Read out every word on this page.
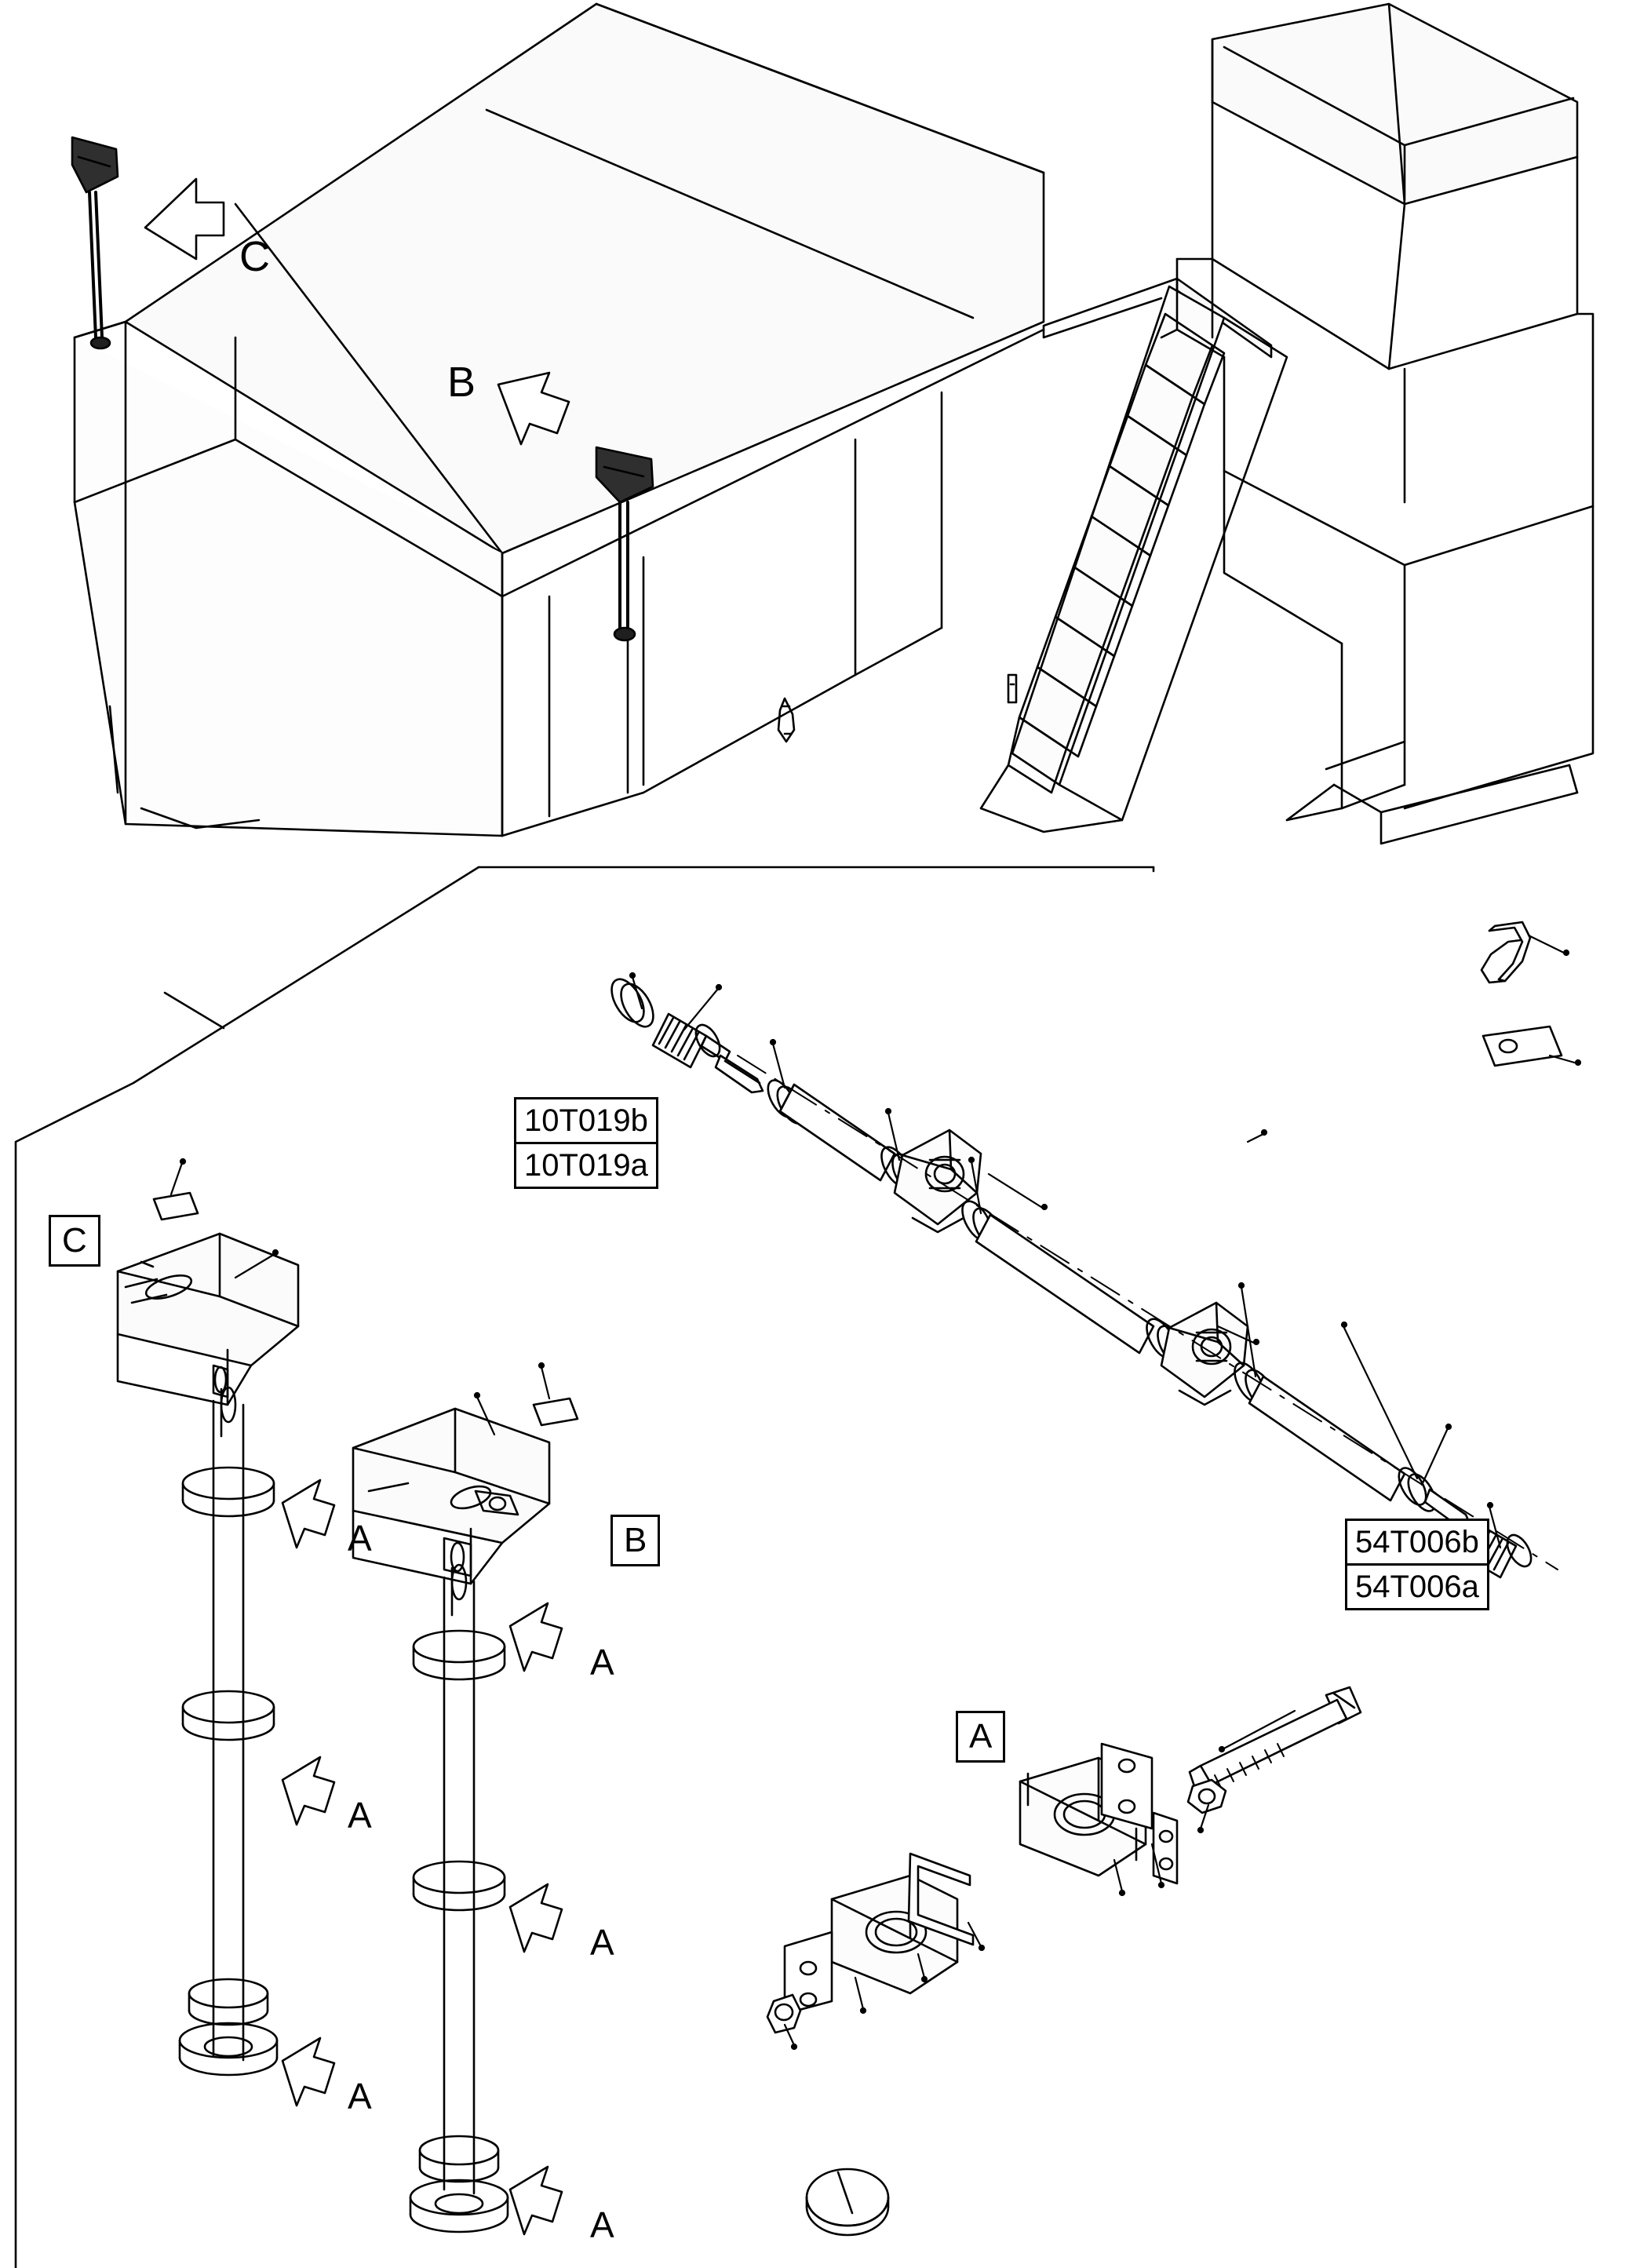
C
B
C
B
A
10T019b
10T019a
54T006b
54T006a
A
A
A
A
A
A
